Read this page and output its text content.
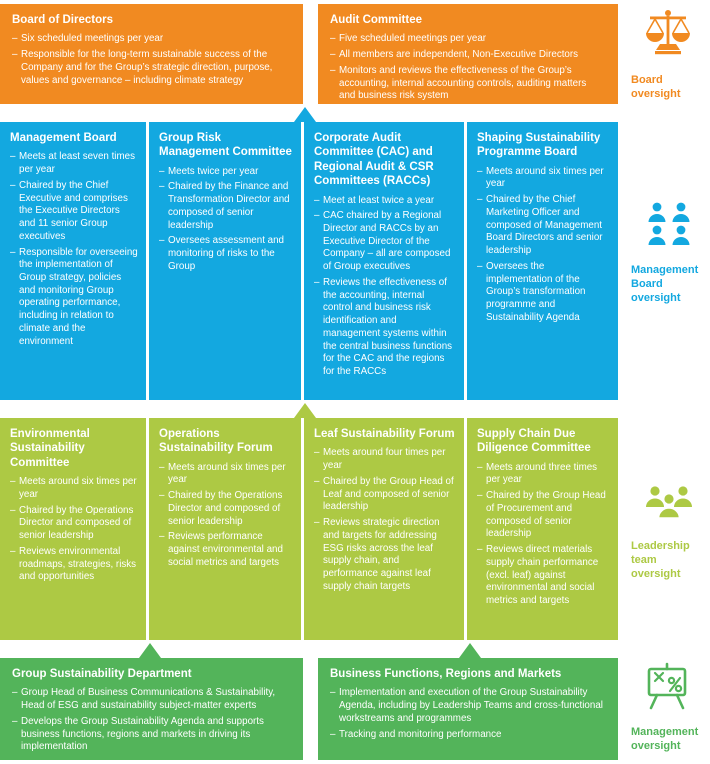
Board of Directors
– Six scheduled meetings per year
– Responsible for the long-term sustainable success of the Company and for the Group’s strategic direction, purpose, values and governance – including climate strategy
Audit Committee
– Five scheduled meetings per year
– All members are independent, Non-Executive Directors
– Monitors and reviews the effectiveness of the Group’s accounting, internal accounting controls, auditing matters and business risk system
Management Board
– Meets at least seven times per year
– Chaired by the Chief Executive and comprises the Executive Directors and 11 senior Group executives
– Responsible for overseeing the implementation of Group strategy, policies and monitoring Group operating performance, including in relation to climate and the environment
Group Risk Management Committee
– Meets twice per year
– Chaired by the Finance and Transformation Director and composed of senior leadership
– Oversees assessment and monitoring of risks to the Group
Corporate Audit Committee (CAC) and Regional Audit & CSR Committees (RACCs)
– Meet at least twice a year
– CAC chaired by a Regional Director and RACCs by an Executive Director of the Company – all are composed of Group executives
– Reviews the effectiveness of the accounting, internal control and business risk identification and management systems within the central business functions for the CAC and the regions for the RACCs
Shaping Sustainability Programme Board
– Meets around six times per year
– Chaired by the Chief Marketing Officer and composed of Management Board Directors and senior leadership
– Oversees the implementation of the Group’s transformation programme and Sustainability Agenda
Environmental Sustainability Committee
– Meets around six times per year
– Chaired by the Operations Director and composed of senior leadership
– Reviews environmental roadmaps, strategies, risks and opportunities
Operations Sustainability Forum
– Meets around six times per year
– Chaired by the Operations Director and composed of senior leadership
– Reviews performance against environmental and social metrics and targets
Leaf Sustainability Forum
– Meets around four times per year
– Chaired by the Group Head of Leaf and composed of senior leadership
– Reviews strategic direction and targets for addressing ESG risks across the leaf supply chain, and performance against leaf supply chain targets
Supply Chain Due Diligence Committee
– Meets around three times per year
– Chaired by the Group Head of Procurement and composed of senior leadership
– Reviews direct materials supply chain performance (excl. leaf) against environmental and social metrics and targets
Group Sustainability Department
– Group Head of Business Communications & Sustainability, Head of ESG and sustainability subject-matter experts
– Develops the Group Sustainability Agenda and supports business functions, regions and markets in driving its implementation
Business Functions, Regions and Markets
– Implementation and execution of the Group Sustainability Agenda, including by Leadership Teams and cross-functional workstreams and programmes
– Tracking and monitoring performance
Board oversight
Management Board oversight
Leadership team oversight
Management oversight
